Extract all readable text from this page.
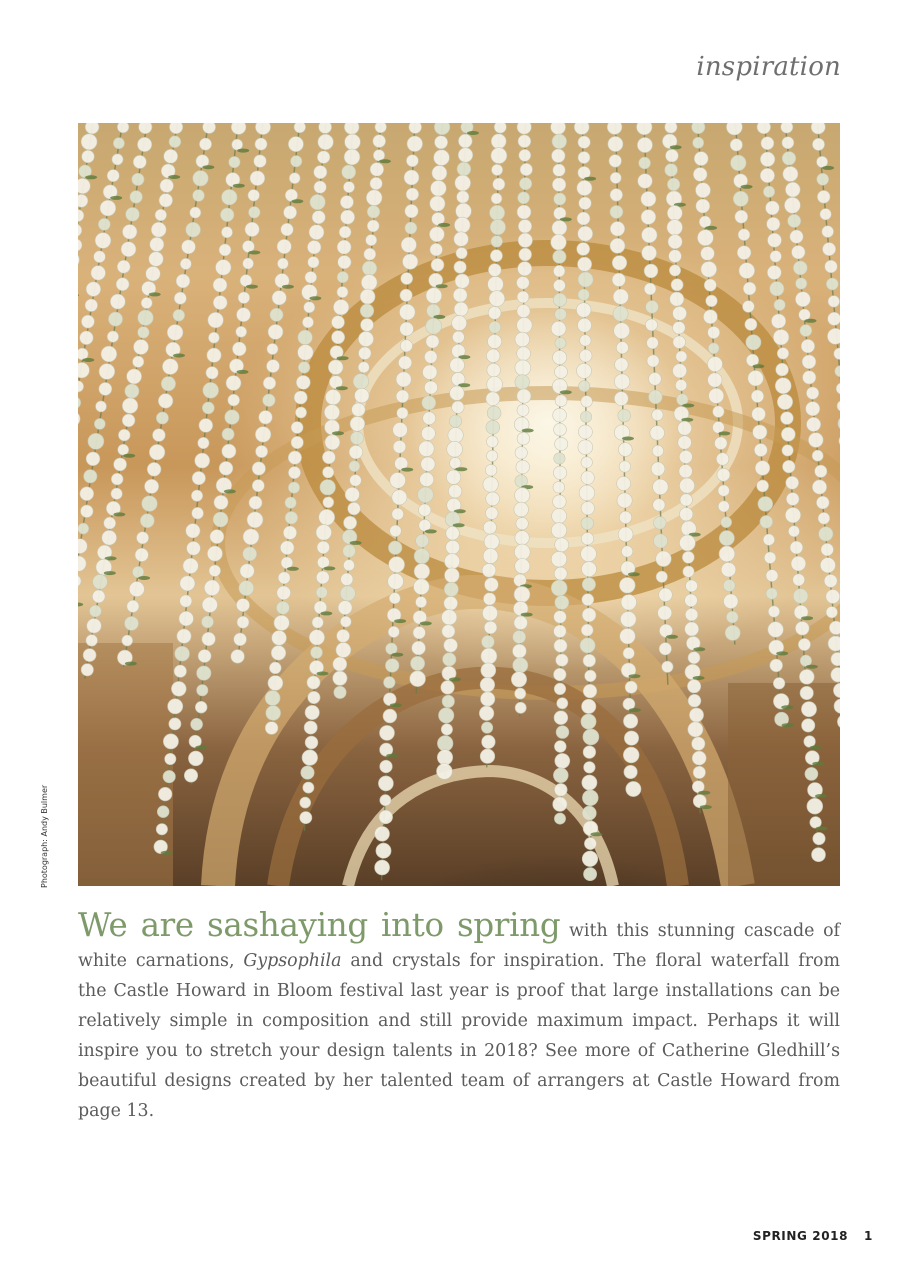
inspiration
Photograph: Andy Bulmer

We are sashaying into spring with this stunning cascade of white carnations, Gypsophila and crystals for inspiration. The floral waterfall from the Castle Howard in Bloom festival last year is proof that large installations can be relatively simple in composition and still provide maximum impact. Perhaps it will inspire you to stretch your design talents in 2018? See more of Catherine Gledhill’s beautiful designs created by her talented team of arrangers at Castle Howard from page 13.

SPRING 2018 1
